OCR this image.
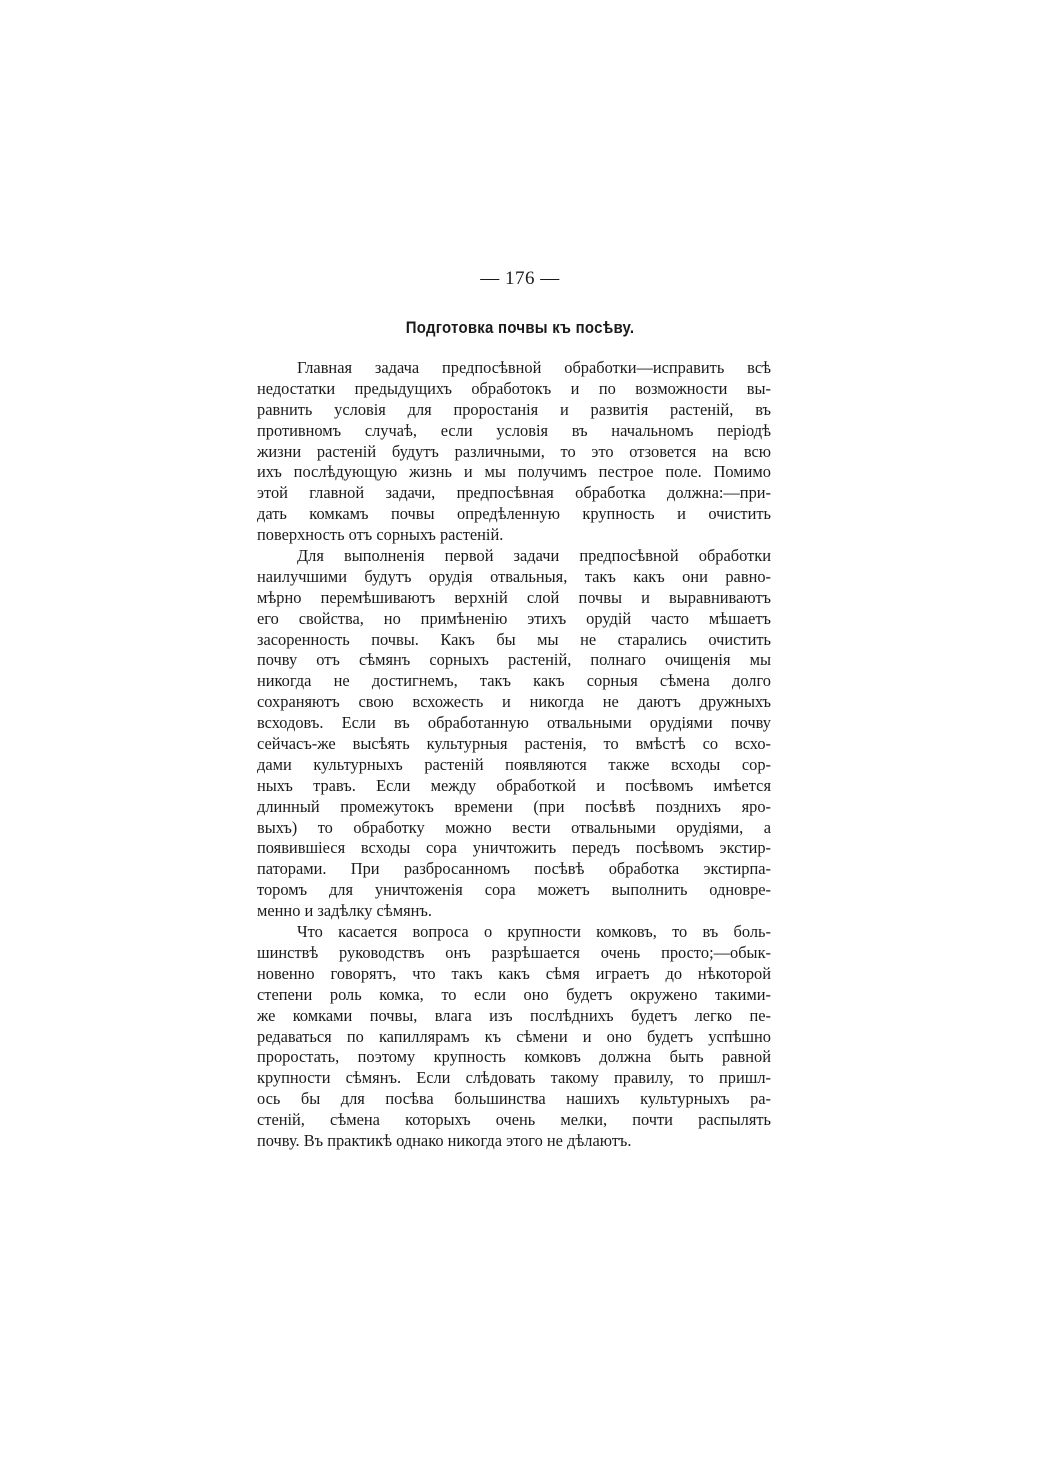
— 176 —
Подготовка почвы къ посѣву.
Главная задача предпосѣвной обработки—исправить всѣ
недостатки предыдущихъ обработокъ и по возможности вы-
равнить условія для проростанія и развитія растеній, въ
противномъ случаѣ, если условія въ начальномъ періодѣ
жизни растеній будутъ различными, то это отзовется на всю
ихъ послѣдующую жизнь и мы получимъ пестрое поле. Помимо
этой главной задачи, предпосѣвная обработка должна:—при-
дать комкамъ почвы опредѣленную крупность и очистить
поверхность отъ сорныхъ растеній.
Для выполненія первой задачи предпосѣвной обработки
наилучшими будутъ орудія отвальныя, такъ какъ они равно-
мѣрно перемѣшиваютъ верхній слой почвы и выравниваютъ
его свойства, но примѣненію этихъ орудій часто мѣшаетъ
засоренность почвы. Какъ бы мы не старались очистить
почву отъ сѣмянъ сорныхъ растеній, полнаго очищенія мы
никогда не достигнемъ, такъ какъ сорныя сѣмена долго
сохраняютъ свою всхожесть и никогда не даютъ дружныхъ
всходовъ. Если въ обработанную отвальными орудіями почву
сейчасъ-же высѣять культурныя растенія, то вмѣстѣ со всхо-
дами культурныхъ растеній появляются также всходы сор-
ныхъ травъ. Если между обработкой и посѣвомъ имѣется
длинный промежутокъ времени (при посѣвѣ позднихъ яро-
выхъ) то обработку можно вести отвальными орудіями, а
появившіеся всходы сора уничтожить передъ посѣвомъ экстир-
паторами. При разбросанномъ посѣвѣ обработка экстирпа-
торомъ для уничтоженія сора можетъ выполнить одновре-
менно и задѣлку сѣмянъ.
Что касается вопроса о крупности комковъ, то въ боль-
шинствѣ руководствъ онъ разрѣшается очень просто;—обык-
новенно говорятъ, что такъ какъ сѣмя играетъ до нѣкоторой
степени роль комка, то если оно будетъ окружено такими-
же комками почвы, влага изъ послѣднихъ будетъ легко пе-
редаваться по капиллярамъ къ сѣмени и оно будетъ успѣшно
проростать, поэтому крупность комковъ должна быть равной
крупности сѣмянъ. Если слѣдовать такому правилу, то пришл-
ось бы для посѣва большинства нашихъ культурныхъ ра-
стеній, сѣмена которыхъ очень мелки, почти распылять
почву. Въ практикѣ однако никогда этого не дѣлаютъ.
